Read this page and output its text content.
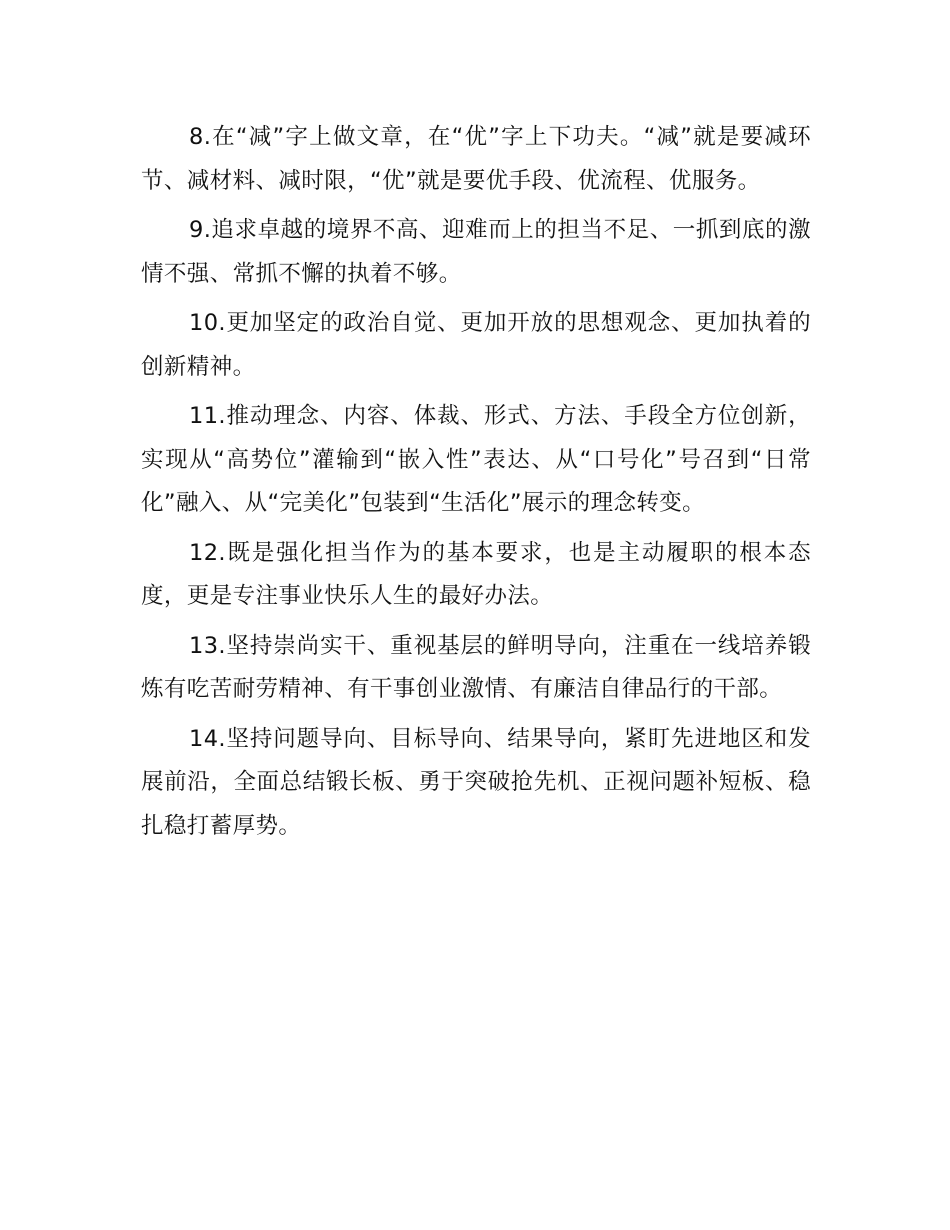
8.在“减”字上做文章，在“优”字上下功夫。“减”就是要减环节、减材料、减时限，“优”就是要优手段、优流程、优服务。

9.追求卓越的境界不高、迎难而上的担当不足、一抓到底的激情不强、常抓不懈的执着不够。

10.更加坚定的政治自觉、更加开放的思想观念、更加执着的创新精神。

11.推动理念、内容、体裁、形式、方法、手段全方位创新，实现从“高势位”灌输到“嵌入性”表达、从“口号化”号召到“日常化”融入、从“完美化”包装到“生活化”展示的理念转变。

12.既是强化担当作为的基本要求，也是主动履职的根本态度，更是专注事业快乐人生的最好办法。

13.坚持崇尚实干、重视基层的鲜明导向，注重在一线培养锻炼有吃苦耐劳精神、有干事创业激情、有廉洁自律品行的干部。

14.坚持问题导向、目标导向、结果导向，紧盯先进地区和发展前沿，全面总结锻长板、勇于突破抢先机、正视问题补短板、稳扎稳打蓄厚势。
